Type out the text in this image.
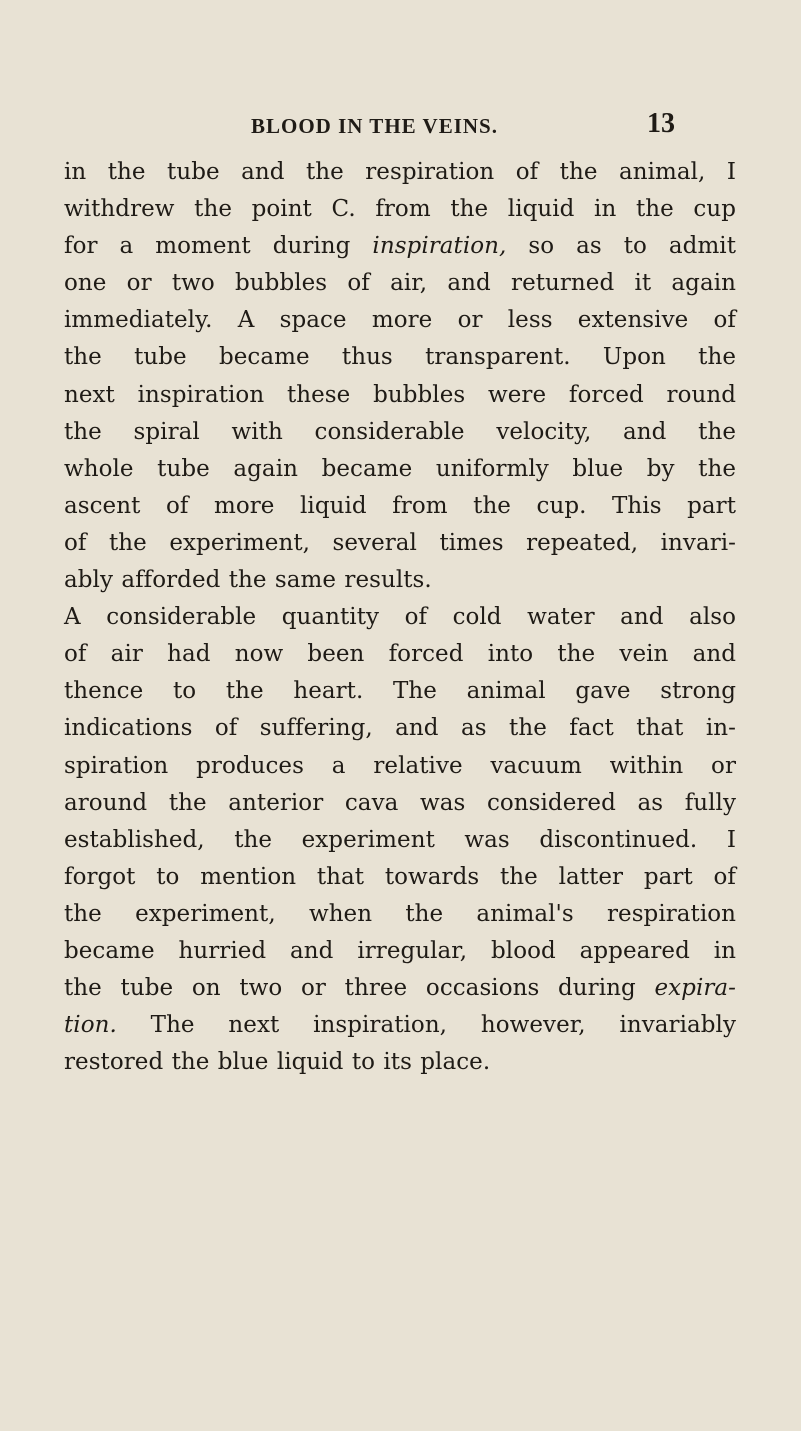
BLOOD IN THE VEINS.	13
in the tube and the respiration of the animal, I
withdrew the point C. from the liquid in the cup
for a moment during inspiration, so as to admit
one or two bubbles of air, and returned it again
immediately. A space more or less extensive of
the tube became thus transparent. Upon the
next inspiration these bubbles were forced round
the spiral with considerable velocity, and the
whole tube again became uniformly blue by the
ascent of more liquid from the cup. This part
of the experiment, several times repeated, invari-
ably afforded the same results.
A considerable quantity of cold water and also
of air had now been forced into the vein and
thence to the heart. The animal gave strong
indications of suffering, and as the fact that in-
spiration produces a relative vacuum within or
around the anterior cava was considered as fully
established, the experiment was discontinued. I
forgot to mention that towards the latter part of
the experiment, when the animal's respiration
became hurried and irregular, blood appeared in
the tube on two or three occasions during expira-
tion. The next inspiration, however, invariably
restored the blue liquid to its place.
